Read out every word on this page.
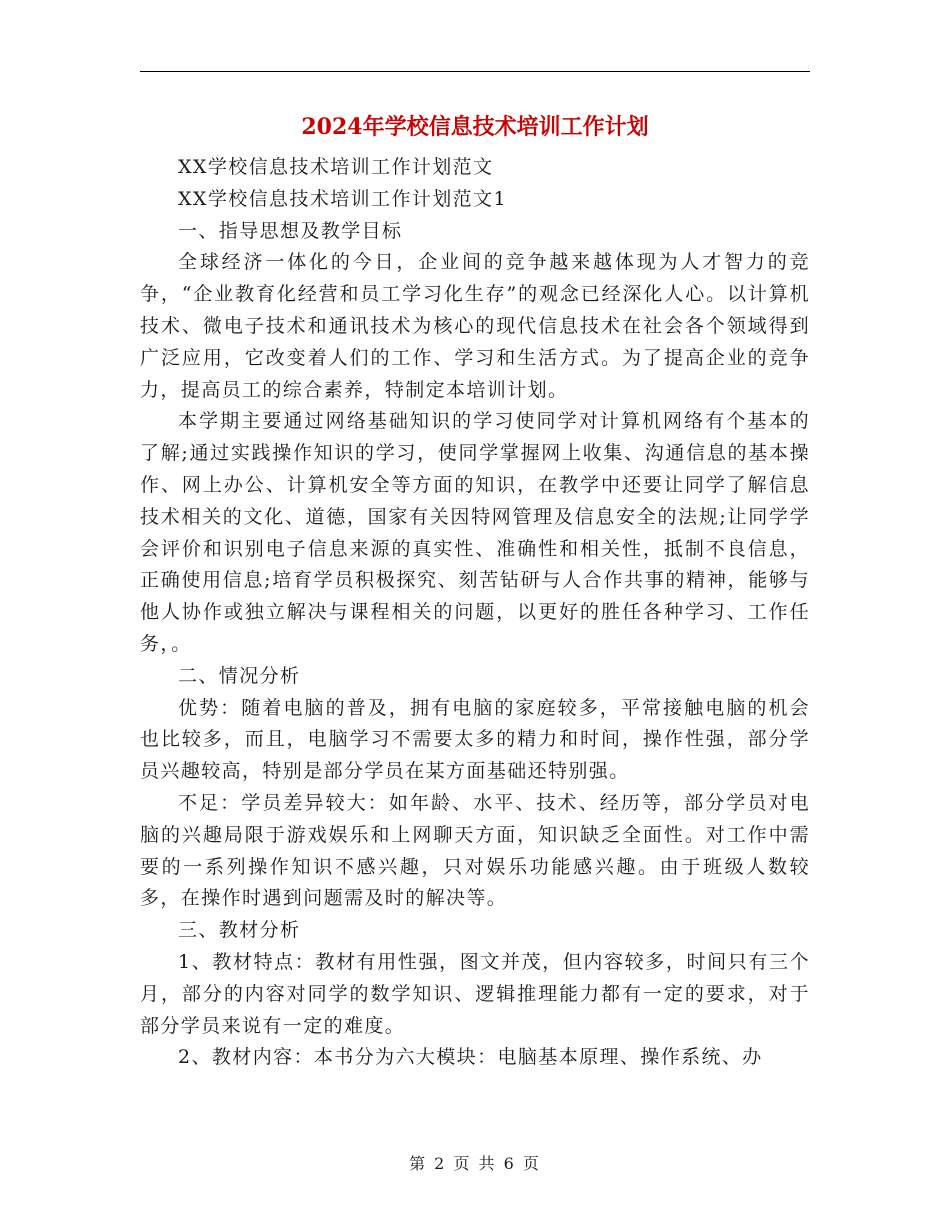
2024年学校信息技术培训工作计划

XX学校信息技术培训工作计划范文

XX学校信息技术培训工作计划范文1

一、指导思想及教学目标

全球经济一体化的今日，企业间的竞争越来越体现为人才智力的竞争，“企业教育化经营和员工学习化生存”的观念已经深化人心。以计算机技术、微电子技术和通讯技术为核心的现代信息技术在社会各个领域得到广泛应用，它改变着人们的工作、学习和生活方式。为了提高企业的竞争力，提高员工的综合素养，特制定本培训计划。

本学期主要通过网络基础知识的学习使同学对计算机网络有个基本的了解;通过实践操作知识的学习，使同学掌握网上收集、沟通信息的基本操作、网上办公、计算机安全等方面的知识，在教学中还要让同学了解信息技术相关的文化、道德，国家有关因特网管理及信息安全的法规;让同学学会评价和识别电子信息来源的真实性、准确性和相关性，抵制不良信息，正确使用信息;培育学员积极探究、刻苦钻研与人合作共事的精神，能够与他人协作或独立解决与课程相关的问题，以更好的胜任各种学习、工作任务，。

二、情况分析

优势：随着电脑的普及，拥有电脑的家庭较多，平常接触电脑的机会也比较多，而且，电脑学习不需要太多的精力和时间，操作性强，部分学员兴趣较高，特别是部分学员在某方面基础还特别强。

不足：学员差异较大：如年龄、水平、技术、经历等，部分学员对电脑的兴趣局限于游戏娱乐和上网聊天方面，知识缺乏全面性。对工作中需要的一系列操作知识不感兴趣，只对娱乐功能感兴趣。由于班级人数较多，在操作时遇到问题需及时的解决等。

三、教材分析

1、教材特点：教材有用性强，图文并茂，但内容较多，时间只有三个月，部分的内容对同学的数学知识、逻辑推理能力都有一定的要求，对于部分学员来说有一定的难度。

2、教材内容：本书分为六大模块：电脑基本原理、操作系统、办

第 2 页 共 6 页
